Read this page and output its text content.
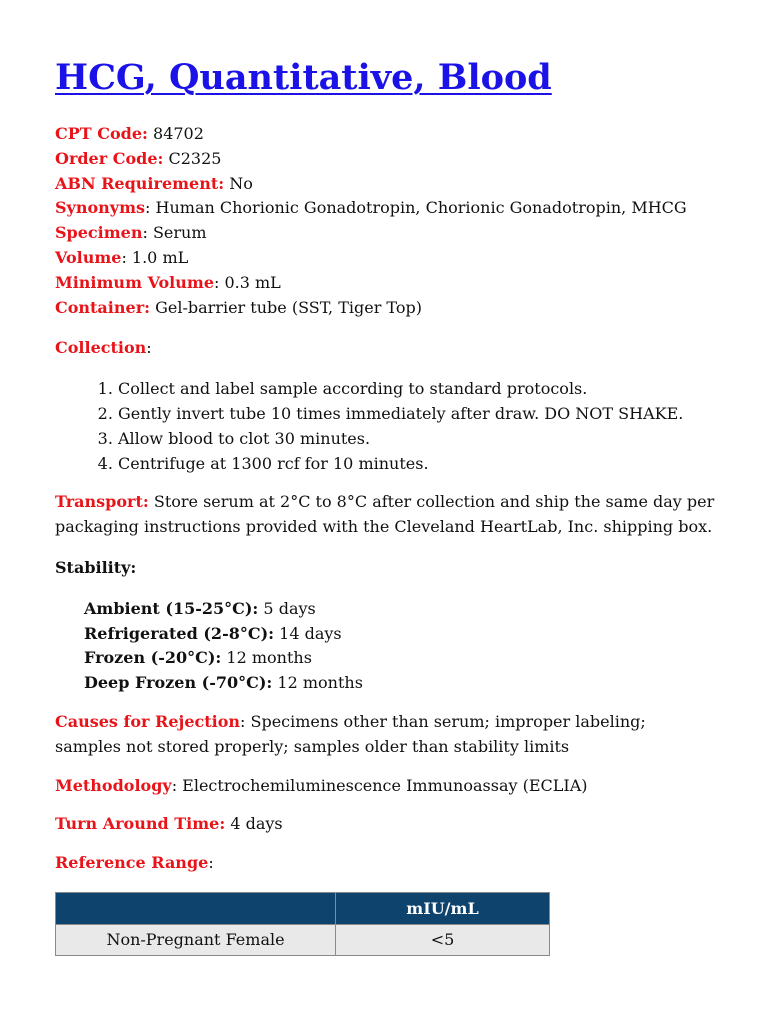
HCG, Quantitative, Blood
CPT Code: 84702
Order Code: C2325
ABN Requirement: No
Synonyms: Human Chorionic Gonadotropin, Chorionic Gonadotropin, MHCG
Specimen: Serum
Volume: 1.0 mL
Minimum Volume: 0.3 mL
Container: Gel-barrier tube (SST, Tiger Top)
Collection:
1. Collect and label sample according to standard protocols.
2. Gently invert tube 10 times immediately after draw. DO NOT SHAKE.
3. Allow blood to clot 30 minutes.
4. Centrifuge at 1300 rcf for 10 minutes.
Transport: Store serum at 2°C to 8°C after collection and ship the same day per packaging instructions provided with the Cleveland HeartLab, Inc. shipping box.
Stability:
Ambient (15-25°C): 5 days
Refrigerated (2-8°C): 14 days
Frozen (-20°C): 12 months
Deep Frozen (-70°C): 12 months
Causes for Rejection: Specimens other than serum; improper labeling; samples not stored properly; samples older than stability limits
Methodology: Electrochemiluminescence Immunoassay (ECLIA)
Turn Around Time: 4 days
Reference Range:
	mIU/mL
Non-Pregnant Female	<5
